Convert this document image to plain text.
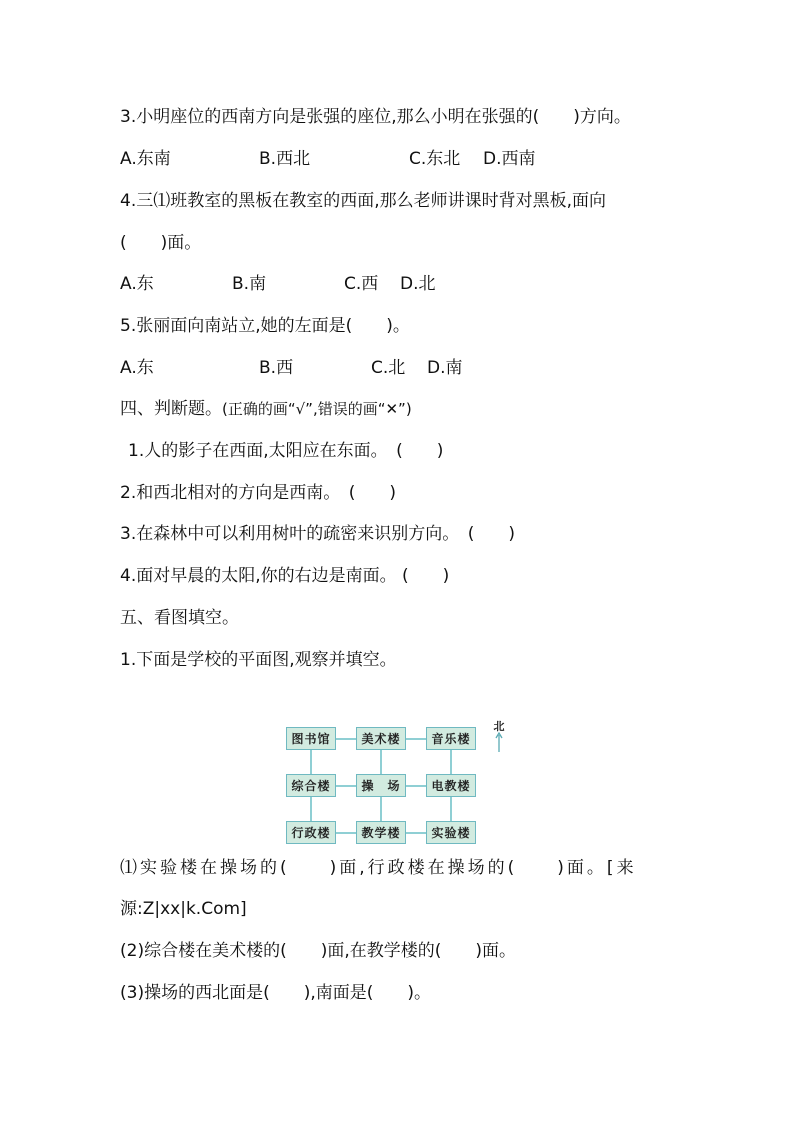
3.小明座位的西南方向是张强的座位,那么小明在张强的(　　)方向。
A.东南	B.西北	C.东北 D.西南
4.三⑴班教室的黑板在教室的西面,那么老师讲课时背对黑板,面向
(　　)面。
A.东	B.南	C.西 D.北
5.张丽面向南站立,她的左面是(　　)。
A.东	B.西	C.北 D.南
四、判断题。(正确的画“√”,错误的画“✕”)
1.人的影子在西面,太阳应在东面。　(　　)
2.和西北相对的方向是西南。　(　　)
3.在森林中可以利用树叶的疏密来识别方向。　(　　)
4.面对早晨的太阳,你的右边是南面。 (　　)
五、看图填空。
1.下面是学校的平面图,观察并填空。
图书馆	美术楼	音乐楼
综合楼	操　场	电教楼
行政楼	教学楼	实验楼
北
⑴实验楼在操场的(　　)面,行政楼在操场的(　　)面。[来
源:Z|xx|k.Com]
(2)综合楼在美术楼的(　　)面,在教学楼的(　　)面。
(3)操场的西北面是(　　),南面是(　　)。
